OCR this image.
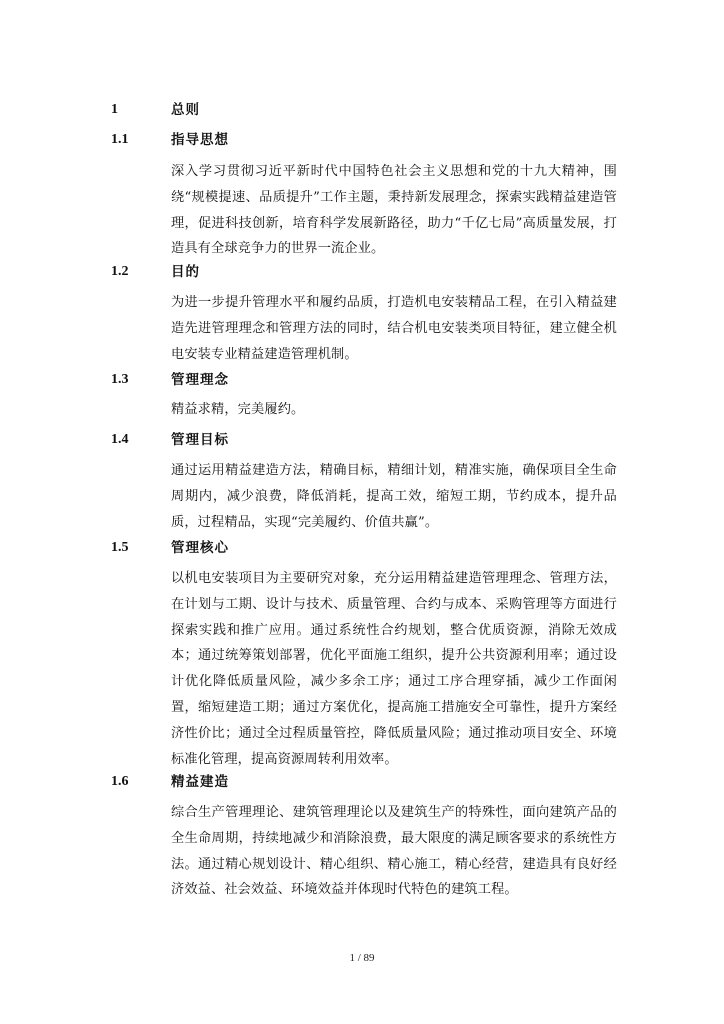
1	总则
1.1	指导思想

深入学习贯彻习近平新时代中国特色社会主义思想和党的十九大精神，围绕“规模提速、品质提升”工作主题，秉持新发展理念，探索实践精益建造管理，促进科技创新，培育科学发展新路径，助力“千亿七局”高质量发展，打造具有全球竞争力的世界一流企业。

1.2	目的

为进一步提升管理水平和履约品质，打造机电安装精品工程，在引入精益建造先进管理理念和管理方法的同时，结合机电安装类项目特征，建立健全机电安装专业精益建造管理机制。

1.3	管理理念

精益求精，完美履约。

1.4	管理目标

通过运用精益建造方法，精确目标，精细计划，精准实施，确保项目全生命周期内，减少浪费，降低消耗，提高工效，缩短工期，节约成本，提升品质，过程精品，实现“完美履约、价值共赢”。

1.5	管理核心

以机电安装项目为主要研究对象，充分运用精益建造管理理念、管理方法，在计划与工期、设计与技术、质量管理、合约与成本、采购管理等方面进行探索实践和推广应用。通过系统性合约规划，整合优质资源，消除无效成本；通过统筹策划部署，优化平面施工组织，提升公共资源利用率；通过设计优化降低质量风险，减少多余工序；通过工序合理穿插，减少工作面闲置，缩短建造工期；通过方案优化，提高施工措施安全可靠性，提升方案经济性价比；通过全过程质量管控，降低质量风险；通过推动项目安全、环境标准化管理，提高资源周转利用效率。

1.6	精益建造

综合生产管理理论、建筑管理理论以及建筑生产的特殊性，面向建筑产品的全生命周期，持续地减少和消除浪费，最大限度的满足顾客要求的系统性方法。通过精心规划设计、精心组织、精心施工，精心经营，建造具有良好经济效益、社会效益、环境效益并体现时代特色的建筑工程。

1 / 89
